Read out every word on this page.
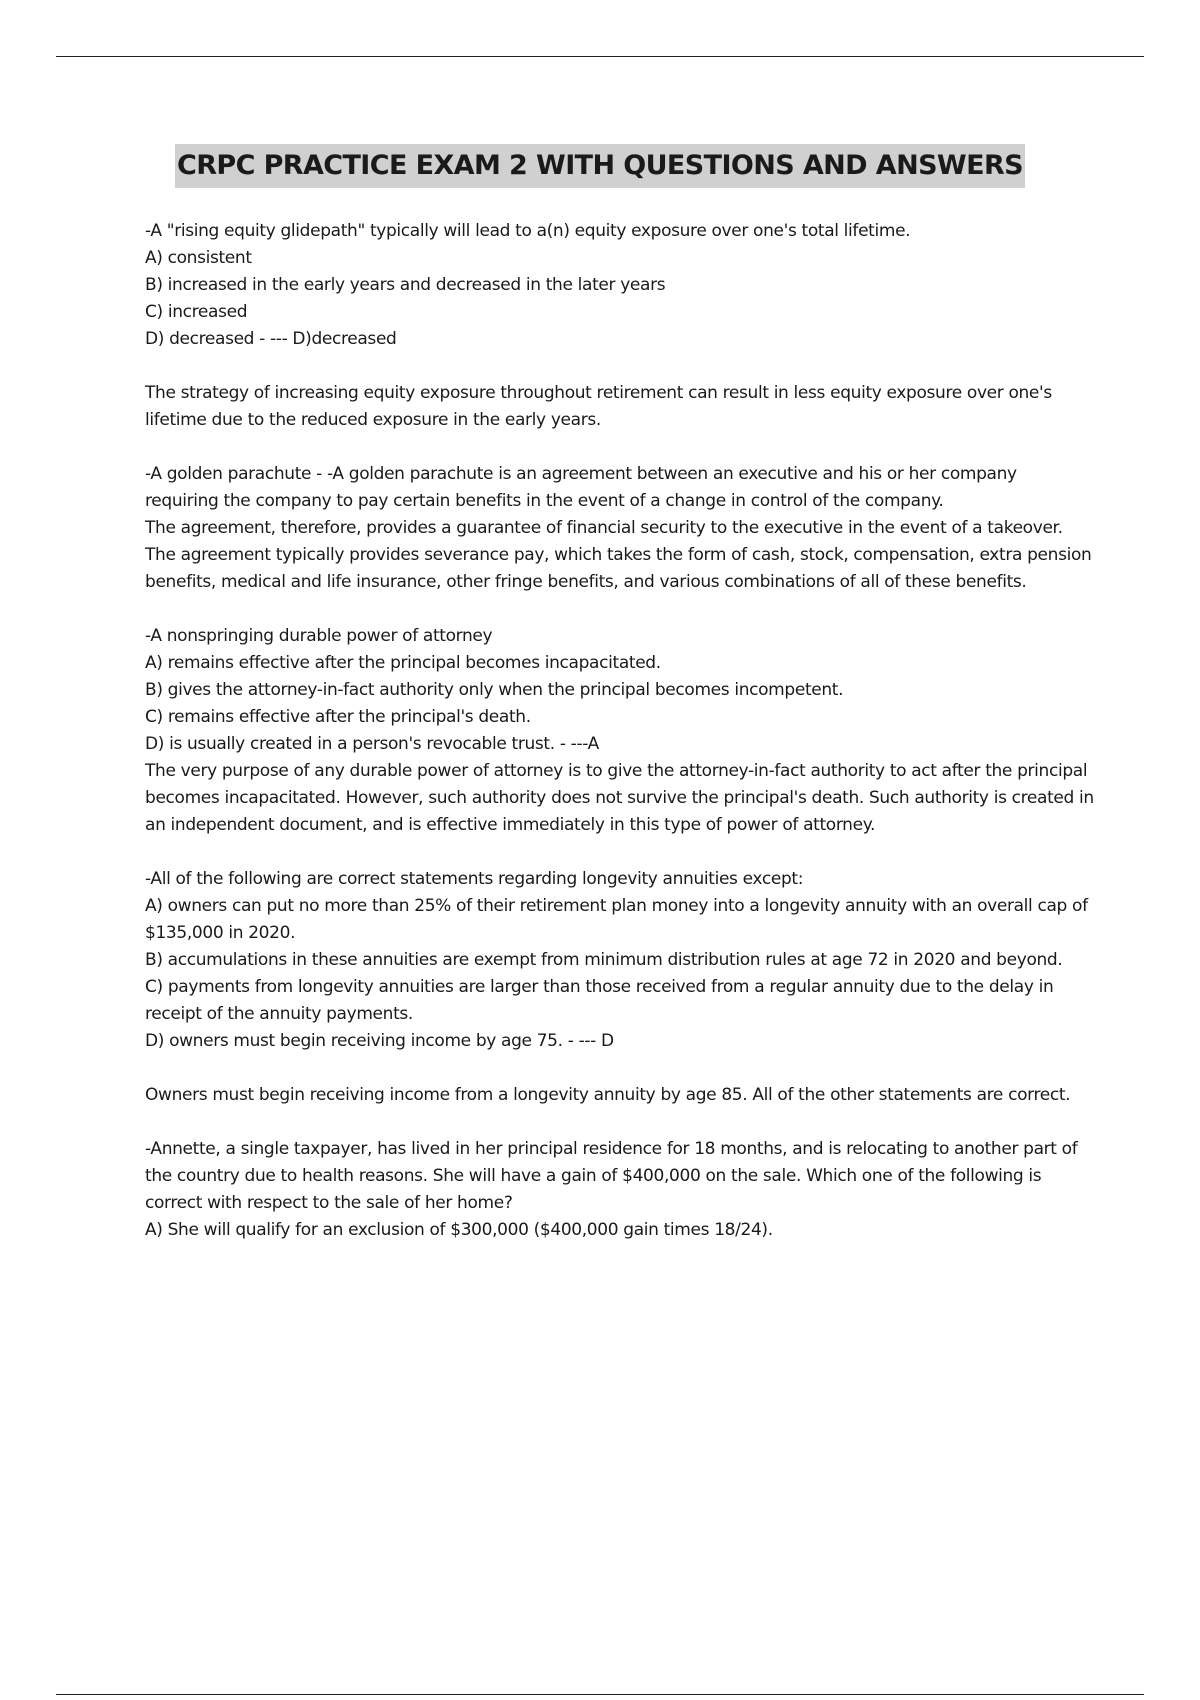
CRPC PRACTICE EXAM 2 WITH QUESTIONS AND ANSWERS

-A "rising equity glidepath" typically will lead to a(n) equity exposure over one's total lifetime.

A) consistent

B) increased in the early years and decreased in the later years

C) increased

D) decreased - --- D)decreased

The strategy of increasing equity exposure throughout retirement can result in less equity exposure over one's lifetime due to the reduced exposure in the early years.

-A golden parachute - -A golden parachute is an agreement between an executive and his or her company requiring the company to pay certain benefits in the event of a change in control of the company.

The agreement, therefore, provides a guarantee of financial security to the executive in the event of a takeover.

The agreement typically provides severance pay, which takes the form of cash, stock, compensation, extra pension benefits, medical and life insurance, other fringe benefits, and various combinations of all of these benefits.

-A nonspringing durable power of attorney

A) remains effective after the principal becomes incapacitated.

B) gives the attorney-in-fact authority only when the principal becomes incompetent.

C) remains effective after the principal's death.

D) is usually created in a person's revocable trust. - ---A

The very purpose of any durable power of attorney is to give the attorney-in-fact authority to act after the principal becomes incapacitated. However, such authority does not survive the principal's death. Such authority is created in an independent document, and is effective immediately in this type of power of attorney.

-All of the following are correct statements regarding longevity annuities except:

A) owners can put no more than 25% of their retirement plan money into a longevity annuity with an overall cap of $135,000 in 2020.

B) accumulations in these annuities are exempt from minimum distribution rules at age 72 in 2020 and beyond.

C) payments from longevity annuities are larger than those received from a regular annuity due to the delay in receipt of the annuity payments.

D) owners must begin receiving income by age 75. - --- D

Owners must begin receiving income from a longevity annuity by age 85. All of the other statements are correct.

-Annette, a single taxpayer, has lived in her principal residence for 18 months, and is relocating to another part of the country due to health reasons. She will have a gain of $400,000 on the sale. Which one of the following is correct with respect to the sale of her home?

A) She will qualify for an exclusion of $300,000 ($400,000 gain times 18/24).
